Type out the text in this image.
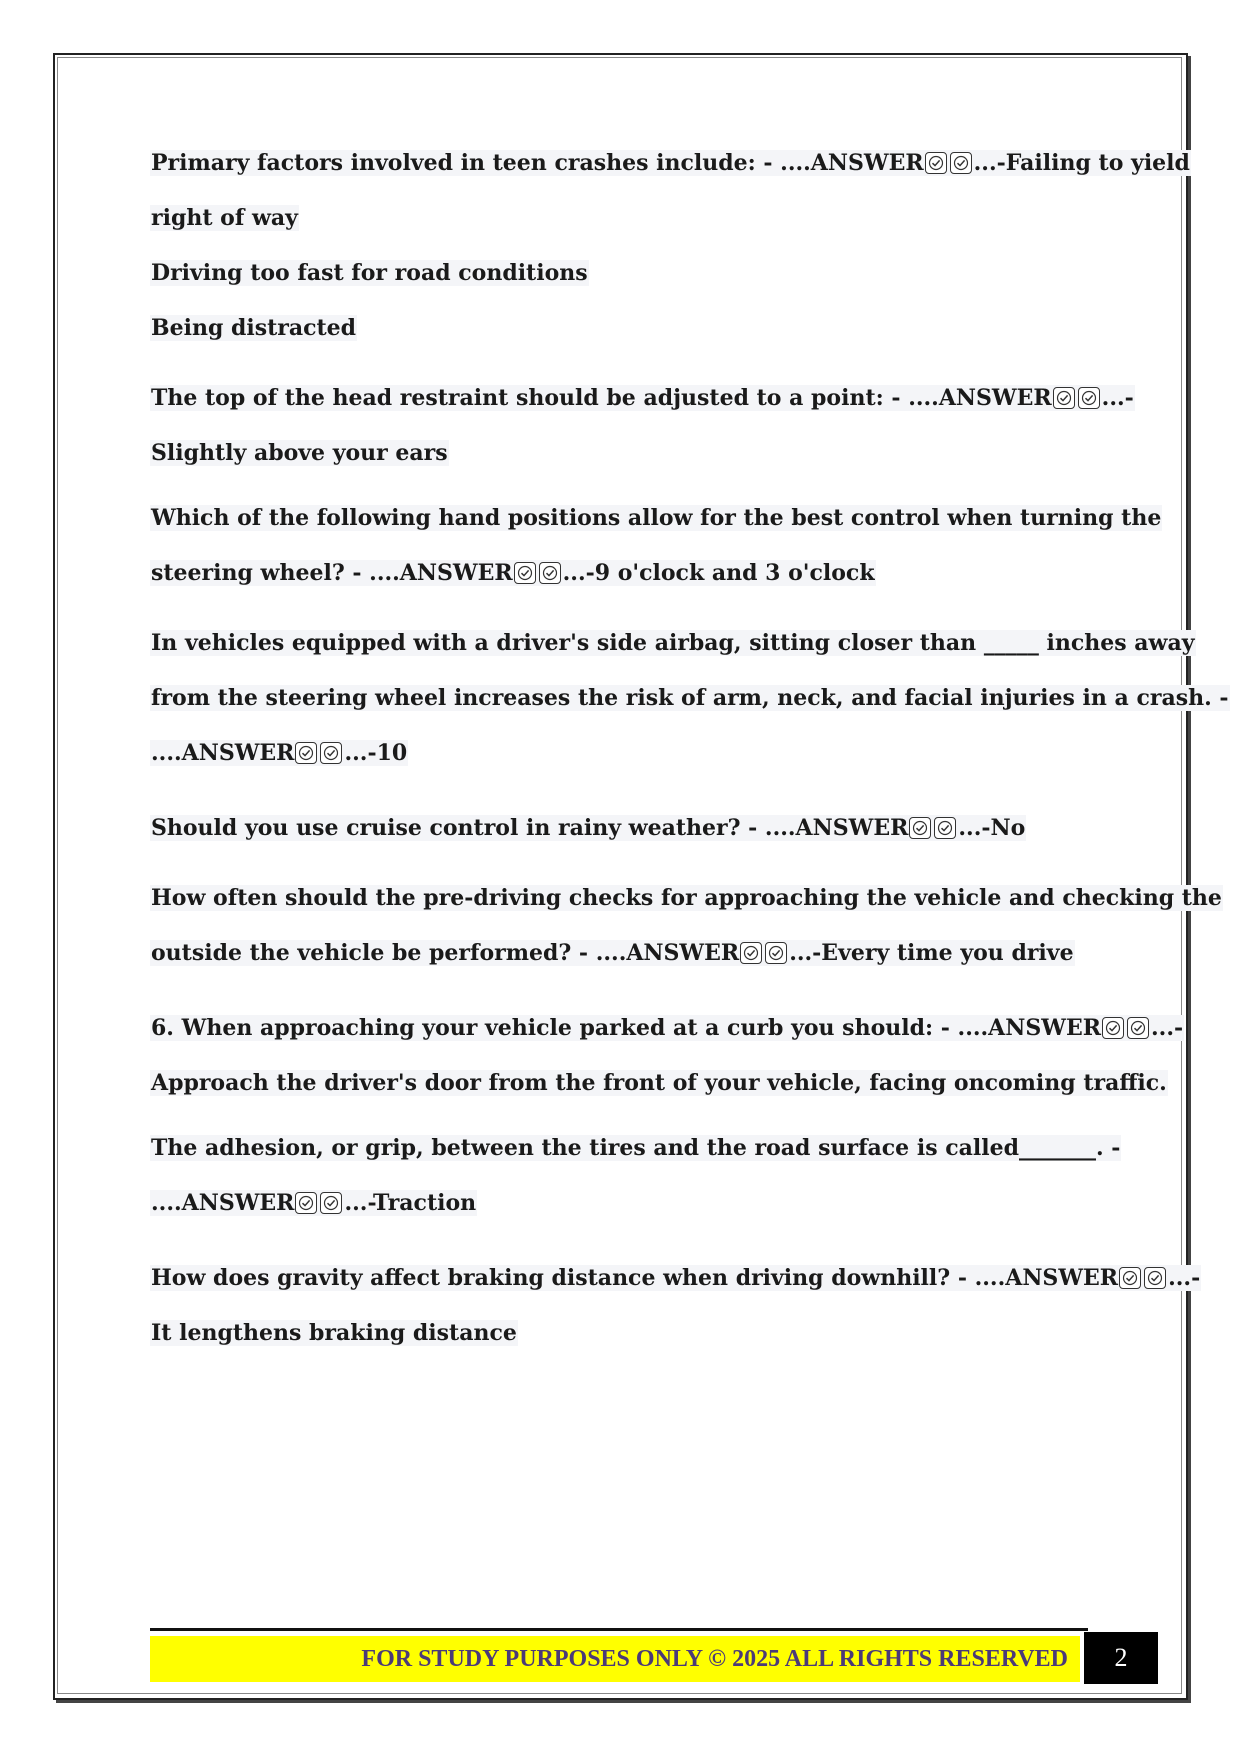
Primary factors involved in teen crashes include: - ....ANSWER ...-Failing to yield
right of way
Driving too fast for road conditions
Being distracted
The top of the head restraint should be adjusted to a point: - ....ANSWER ...-
Slightly above your ears
Which of the following hand positions allow for the best control when turning the
steering wheel? - ....ANSWER ...-9 o'clock and 3 o'clock
In vehicles equipped with a driver's side airbag, sitting closer than _____ inches away
from the steering wheel increases the risk of arm, neck, and facial injuries in a crash. -
....ANSWER ...-10
Should you use cruise control in rainy weather? - ....ANSWER ...-No
How often should the pre-driving checks for approaching the vehicle and checking the
outside the vehicle be performed? - ....ANSWER ...-Every time you drive
6. When approaching your vehicle parked at a curb you should: - ....ANSWER ...-
Approach the driver's door from the front of your vehicle, facing oncoming traffic.
The adhesion, or grip, between the tires and the road surface is called_______. -
....ANSWER ...-Traction
How does gravity affect braking distance when driving downhill? - ....ANSWER ...-
It lengthens braking distance
FOR STUDY PURPOSES ONLY © 2025 ALL RIGHTS RESERVED	2
